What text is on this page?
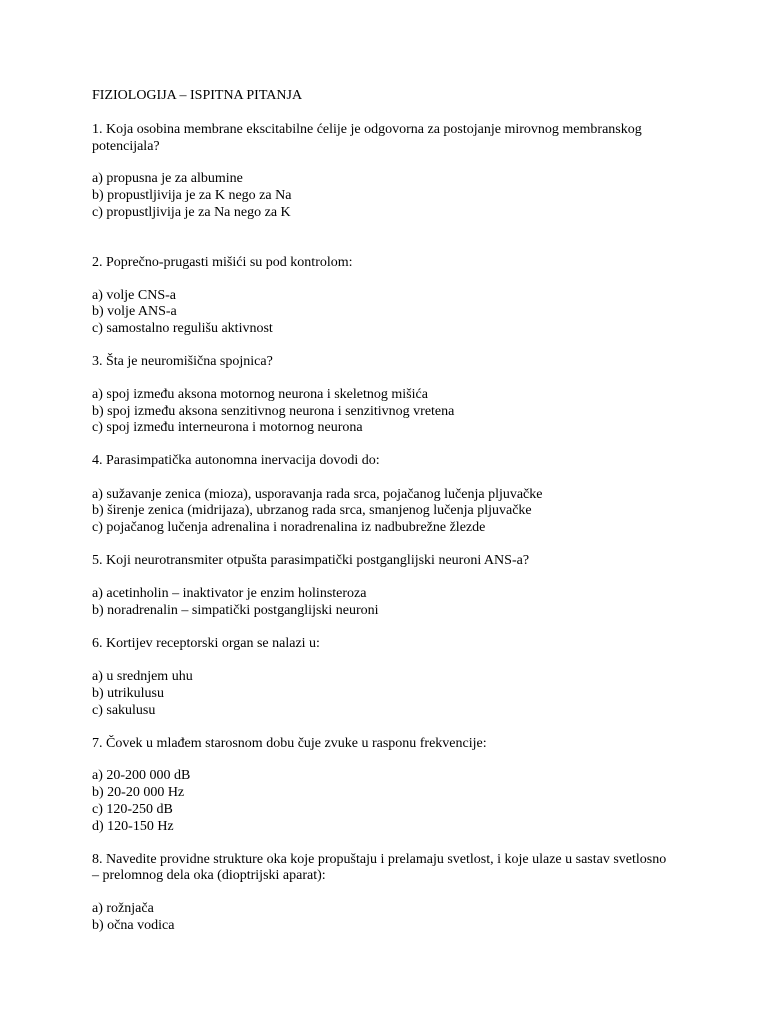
FIZIOLOGIJA – ISPITNA PITANJA

1. Koja osobina membrane ekscitabilne ćelije je odgovorna za postojanje mirovnog membranskog

potencijala?

a) propusna je za albumine

b) propustljivija je za K nego za Na

c) propustljivija je za Na nego za K

2. Poprečno-prugasti mišići su pod kontrolom:

a) volje CNS-a

b) volje ANS-a

c) samostalno regulišu aktivnost

3. Šta je neuromišična spojnica?

a) spoj između aksona motornog neurona i skeletnog mišića

b) spoj između aksona senzitivnog neurona i senzitivnog vretena

c) spoj između interneurona i motornog neurona

4. Parasimpatička autonomna inervacija dovodi do:

a) sužavanje zenica (mioza), usporavanja rada srca, pojačanog lučenja pljuvačke

b) širenje zenica (midrijaza), ubrzanog rada srca, smanjenog lučenja pljuvačke

c) pojačanog lučenja adrenalina i noradrenalina iz nadbubrežne žlezde

5. Koji neurotransmiter otpušta parasimpatički postganglijski neuroni ANS-a?

a) acetinholin – inaktivator je enzim holinsteroza

b) noradrenalin – simpatički postganglijski neuroni

6. Kortijev receptorski organ se nalazi u:

a) u srednjem uhu

b) utrikulusu

c) sakulusu

7. Čovek u mlađem starosnom dobu čuje zvuke u rasponu frekvencije:

a) 20-200 000 dB

b) 20-20 000 Hz

c) 120-250 dB

d) 120-150 Hz

8. Navedite providne strukture oka koje propuštaju i prelamaju svetlost, i koje ulaze u sastav svetlosno

– prelomnog dela oka (dioptrijski aparat):

a) rožnjača

b) očna vodica
